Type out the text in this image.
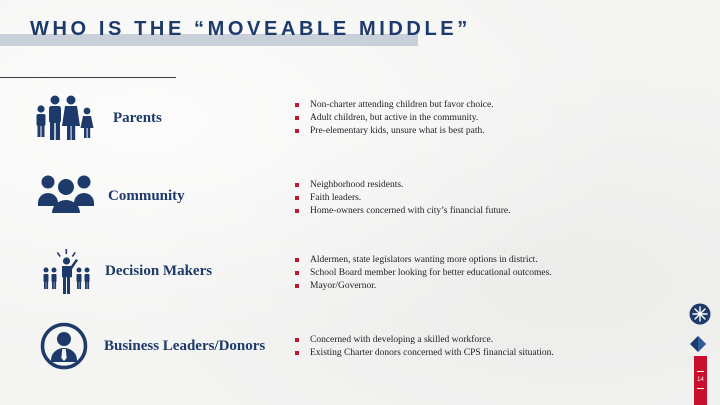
WHO IS THE “MOVEABLE MIDDLE”
Parents
Non-charter attending children but favor choice.
Adult children, but active in the community.
Pre-elementary kids, unsure what is best path.
Community
Neighborhood residents.
Faith leaders.
Home-owners concerned with city’s financial future.
Decision Makers
Aldermen, state legislators wanting more options in district.
School Board member looking for better educational outcomes.
Mayor/Governor.
Business Leaders/Donors	Concerned with developing a skilled workforce.
Existing Charter donors concerned with CPS financial situation.
14
